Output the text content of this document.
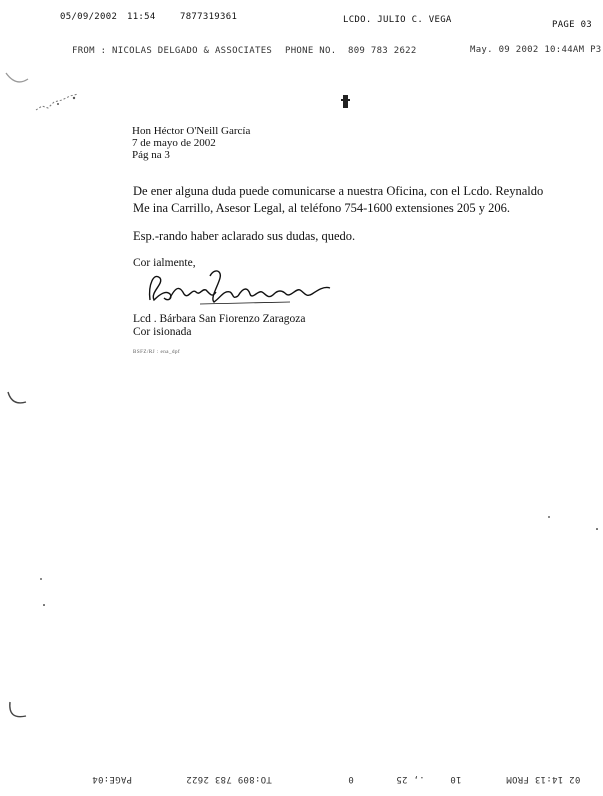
05/09/2002 11:54	7877319361	LCDO. JULIO C. VEGA	PAGE 03
FROM : NICOLAS DELGADO & ASSOCIATES PHONE NO. 809 783 2622	May. 09 2002 10:44AM P3
Hon Héctor O'Neill García
7 de mayo de 2002
Pág na 3
De ener alguna duda puede comunicarse a nuestra Oficina, con el Lcdo. Reynaldo
Me ina Carrillo, Asesor Legal, al teléfono 754-1600 extensiones 205 y 206.
Esp.-rando haber aclarado sus dudas, quedo.
Cor ialmente,
Lcd . Bárbara San Fiorenzo Zaragoza
Cor isionada
BSFZ/RJ : ena_dpf
PAGE:04	TO:809 783 2622	0	., 25	10	02 14:13 FROM
